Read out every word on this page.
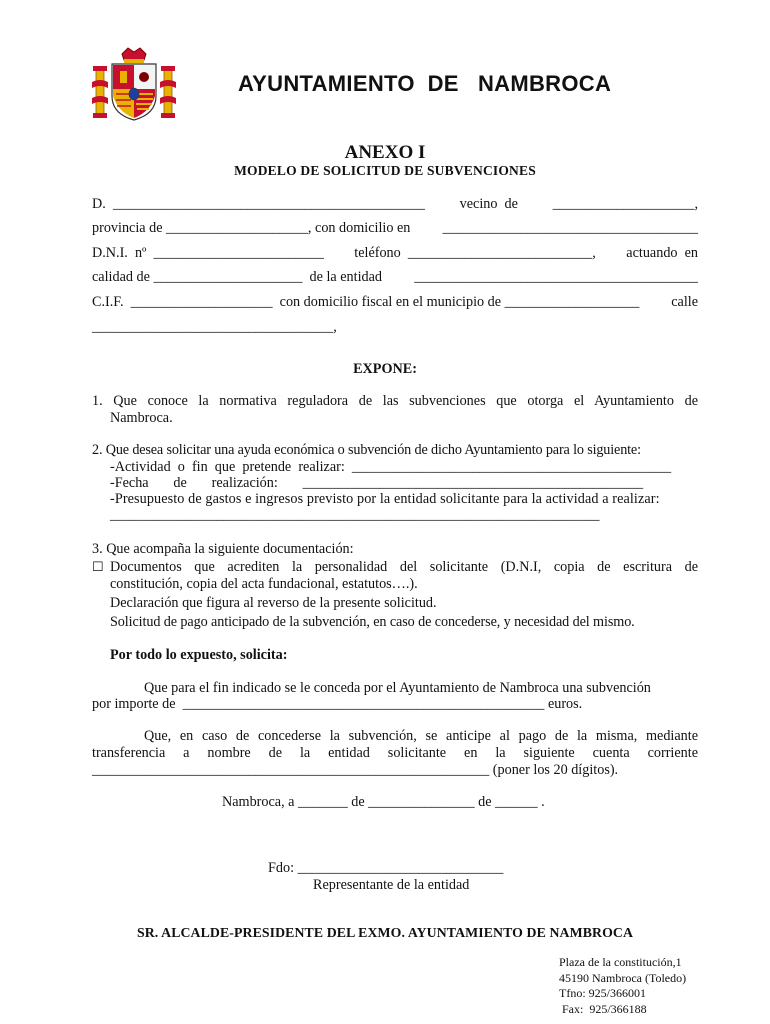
AYUNTAMIENTO  DE   NAMBROCA
ANEXO I
MODELO DE SOLICITUD DE SUBVENCIONES
D.  ____________________________________________ vecino  de ____________________,
provincia de ____________________, con domicilio en ____________________________________
D.N.I.  nº  ________________________ teléfono  __________________________, actuando  en
calidad de _____________________  de la entidad ________________________________________
C.I.F.  ____________________  con domicilio fiscal en el municipio de ___________________ calle
__________________________________,
EXPONE:
1.  Que  conoce  la  normativa  reguladora  de  las  subvenciones  que  otorga  el  Ayuntamiento  de
Nambroca.
2. Que desea solicitar una ayuda económica o subvención de dicho Ayuntamiento para lo siguiente:
-Actividad  o  fin  que  pretende  realizar:  _____________________________________________
-Fecha       de       realización:       ________________________________________________
-Presupuesto de gastos e ingresos previsto por la entidad solicitante para la actividad a realizar:
_____________________________________________________________________
3. Que acompaña la siguiente documentación:
☐ Documentos  que  acrediten  la  personalidad  del  solicitante  (D.N.I,  copia  de  escritura  de
constitución, copia del acta fundacional, estatutos….).
Declaración que figura al reverso de la presente solicitud.
Solicitud de pago anticipado de la subvención, en caso de concederse, y necesidad del mismo.
Por todo lo expuesto, solicita:
Que para el fin indicado se le conceda por el Ayuntamiento de Nambroca una subvención
por importe de  ___________________________________________________ euros.
Que,  en  caso  de  concederse  la  subvención,  se  anticipe  al  pago  de  la  misma,  mediante
transferencia   a   nombre   de   la   entidad   solicitante   en   la   siguiente   cuenta   corriente
________________________________________________________ (poner los 20 dígitos).
Nambroca, a _______ de _______________ de ______ .
Fdo: _____________________________
Representante de la entidad
SR. ALCALDE-PRESIDENTE DEL EXMO. AYUNTAMIENTO DE NAMBROCA
Plaza de la constitución,1
45190 Nambroca (Toledo)
Tfno: 925/366001
Fax:  925/366188
